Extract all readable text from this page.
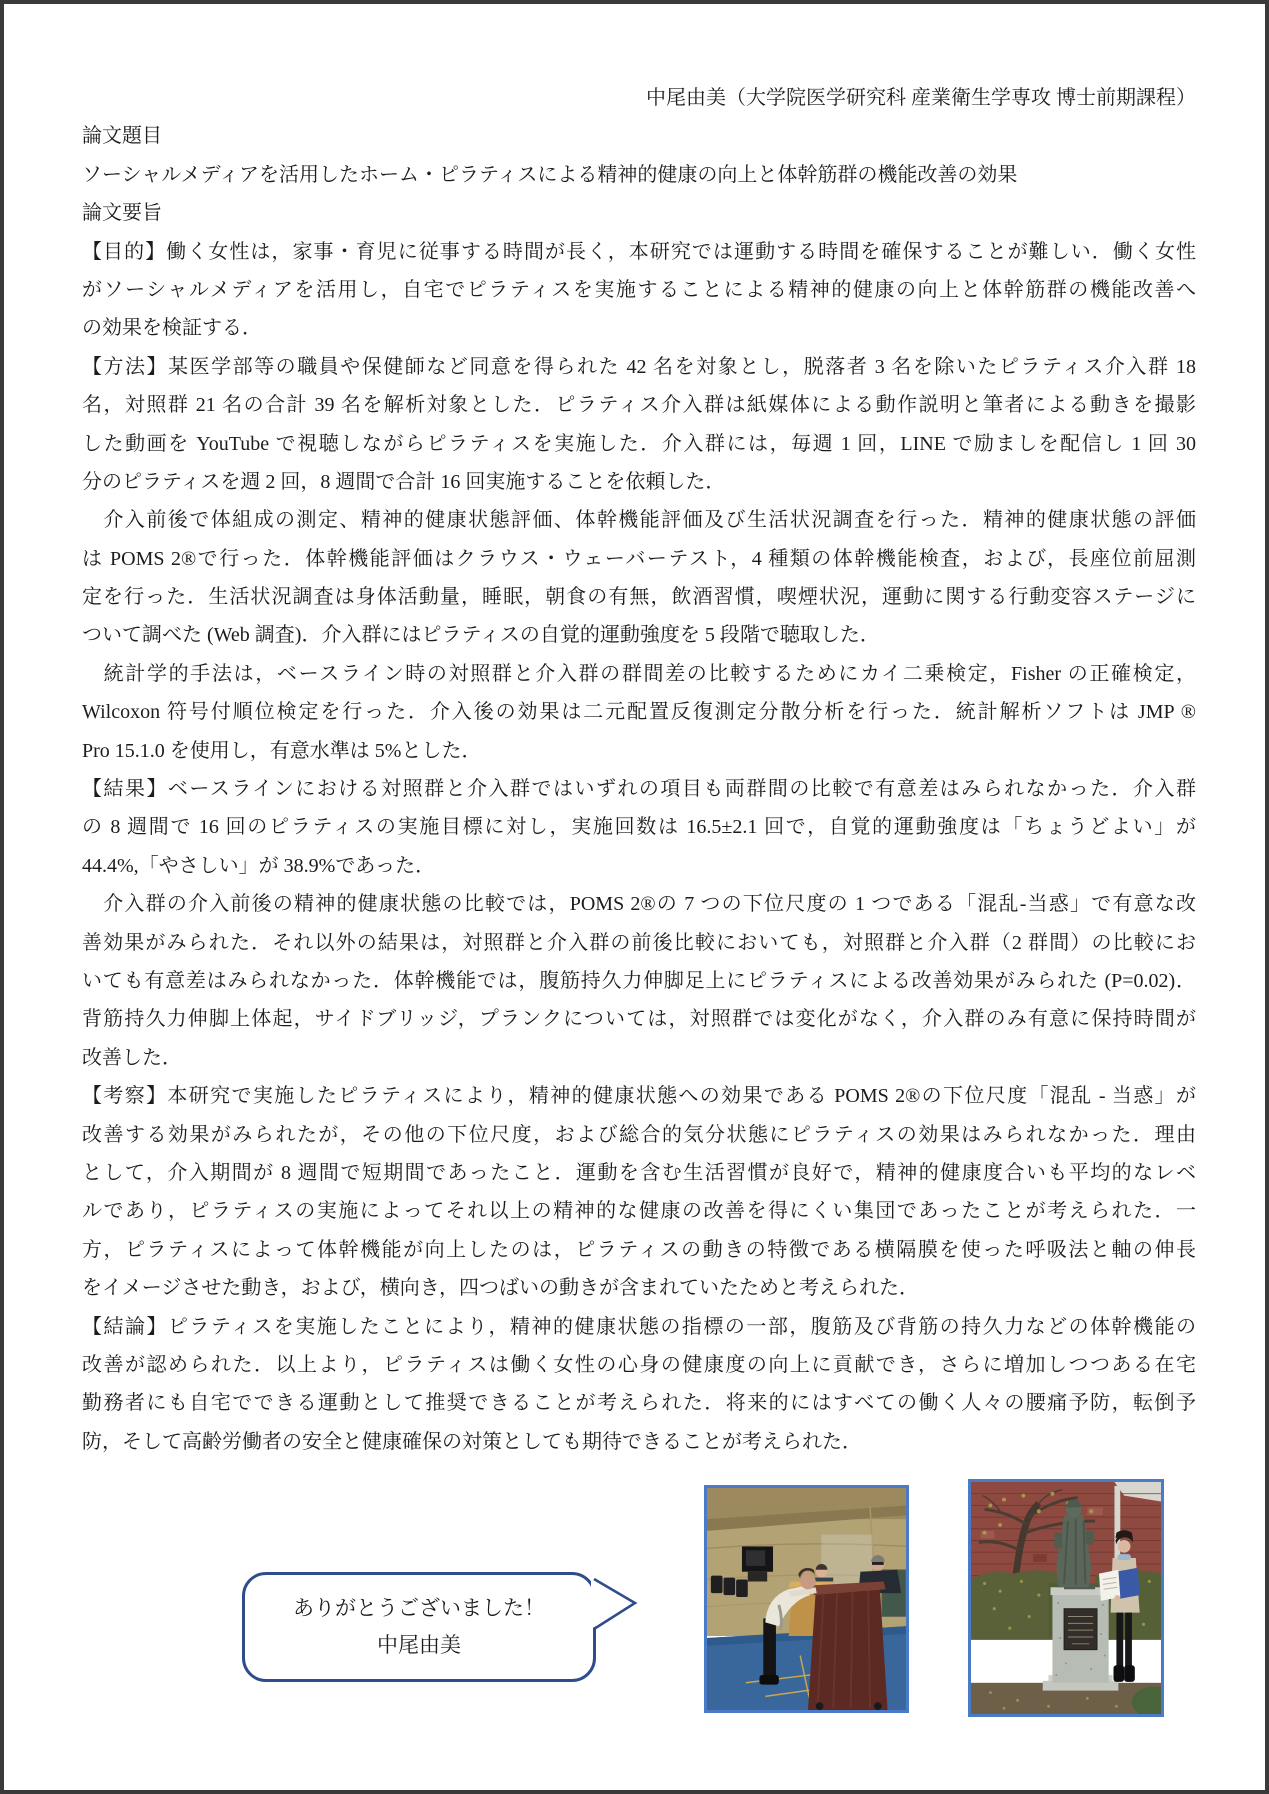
中尾由美（大学院医学研究科 産業衛生学専攻 博士前期課程）
論文題目
ソーシャルメディアを活用したホーム・ピラティスによる精神的健康の向上と体幹筋群の機能改善の効果
論文要旨
【目的】働く女性は，家事・育児に従事する時間が長く，本研究では運動する時間を確保することが難しい．働く女性
がソーシャルメディアを活用し，自宅でピラティスを実施することによる精神的健康の向上と体幹筋群の機能改善へ
の効果を検証する．
【方法】某医学部等の職員や保健師など同意を得られた 42 名を対象とし，脱落者 3 名を除いたピラティス介入群 18
名，対照群 21 名の合計 39 名を解析対象とした．ピラティス介入群は紙媒体による動作説明と筆者による動きを撮影
した動画を YouTube で視聴しながらピラティスを実施した．介入群には，毎週 1 回，LINE で励ましを配信し 1 回 30
分のピラティスを週 2 回，8 週間で合計 16 回実施することを依頼した．
　介入前後で体組成の測定、精神的健康状態評価、体幹機能評価及び生活状況調査を行った．精神的健康状態の評価
は POMS 2®で行った．体幹機能評価はクラウス・ウェーバーテスト，4 種類の体幹機能検査，および，長座位前屈測
定を行った．生活状況調査は身体活動量，睡眠，朝食の有無，飲酒習慣，喫煙状況，運動に関する行動変容ステージに
ついて調べた (Web 調査)．介入群にはピラティスの自覚的運動強度を 5 段階で聴取した．
　統計学的手法は，ベースライン時の対照群と介入群の群間差の比較するためにカイ二乗検定，Fisher の正確検定，
Wilcoxon 符号付順位検定を行った．介入後の効果は二元配置反復測定分散分析を行った．統計解析ソフトは JMP ®
Pro 15.1.0 を使用し，有意水準は 5%とした．
【結果】ベースラインにおける対照群と介入群ではいずれの項目も両群間の比較で有意差はみられなかった．介入群
の 8 週間で 16 回のピラティスの実施目標に対し，実施回数は 16.5±2.1 回で，自覚的運動強度は「ちょうどよい」が
44.4%,「やさしい」が 38.9%であった．
　介入群の介入前後の精神的健康状態の比較では，POMS 2®の 7 つの下位尺度の 1 つである「混乱-当惑」で有意な改
善効果がみられた．それ以外の結果は，対照群と介入群の前後比較においても，対照群と介入群（2 群間）の比較にお
いても有意差はみられなかった．体幹機能では，腹筋持久力伸脚足上にピラティスによる改善効果がみられた (P=0.02)．
背筋持久力伸脚上体起，サイドブリッジ，プランクについては，対照群では変化がなく，介入群のみ有意に保持時間が
改善した．
【考察】本研究で実施したピラティスにより，精神的健康状態への効果である POMS 2®の下位尺度「混乱 - 当惑」が
改善する効果がみられたが，その他の下位尺度，および総合的気分状態にピラティスの効果はみられなかった．理由
として，介入期間が 8 週間で短期間であったこと．運動を含む生活習慣が良好で，精神的健康度合いも平均的なレベ
ルであり，ピラティスの実施によってそれ以上の精神的な健康の改善を得にくい集団であったことが考えられた．一
方，ピラティスによって体幹機能が向上したのは，ピラティスの動きの特徴である横隔膜を使った呼吸法と軸の伸長
をイメージさせた動き，および，横向き，四つばいの動きが含まれていたためと考えられた．
【結論】ピラティスを実施したことにより，精神的健康状態の指標の一部，腹筋及び背筋の持久力などの体幹機能の
改善が認められた．以上より，ピラティスは働く女性の心身の健康度の向上に貢献でき，さらに増加しつつある在宅
勤務者にも自宅でできる運動として推奨できることが考えられた．将来的にはすべての働く人々の腰痛予防，転倒予
防，そして高齢労働者の安全と健康確保の対策としても期待できることが考えられた．
ありがとうございました！
中尾由美
